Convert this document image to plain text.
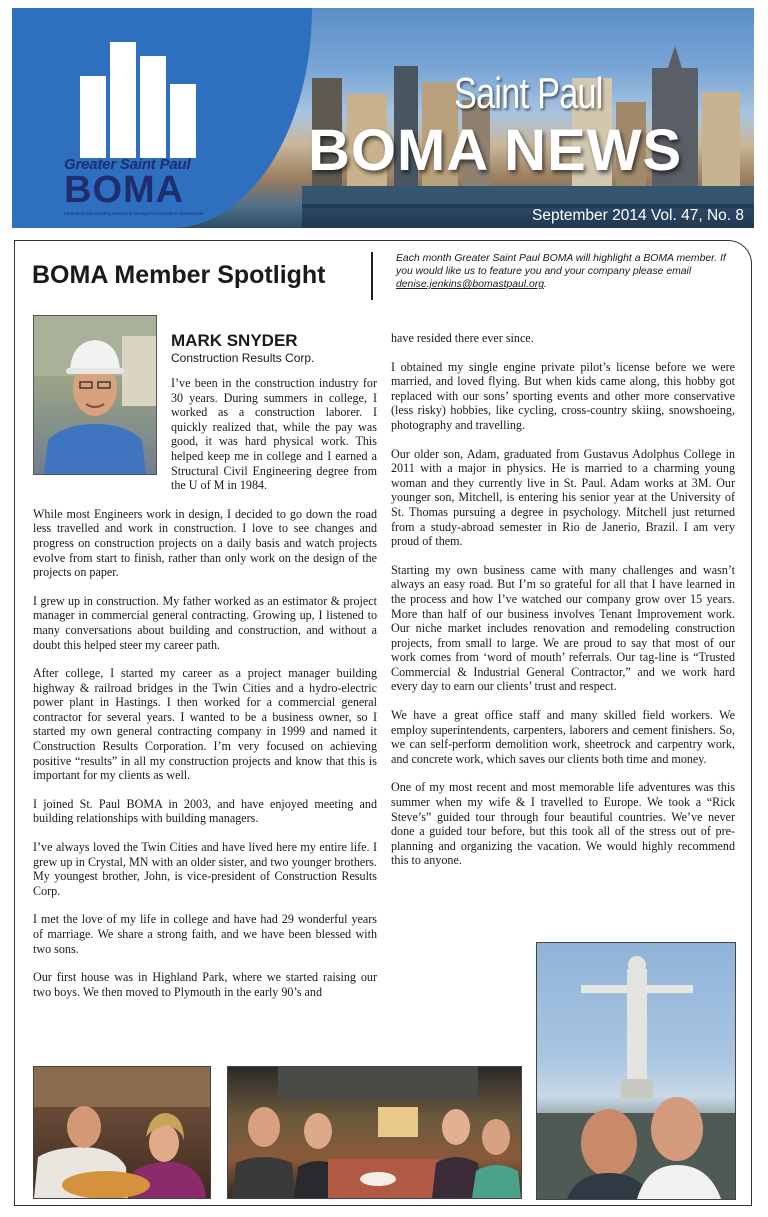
Greater Saint Paul
BOMA
Federated with Building Owners & Managers Association International
Saint Paul
BOMA NEWS
September 2014 Vol. 47, No. 8
BOMA Member Spotlight
Each month Greater Saint Paul BOMA will highlight a BOMA member. If you would like us to feature you and your company please email denise.jenkins@bomastpaul.org.
MARK SNYDER
Construction Results Corp.

I’ve been in the construction industry for 30 years. During summers in college, I worked as a construction laborer. I quickly realized that, while the pay was good, it was hard physical work. This helped keep me in college and I earned a Structural Civil Engineering degree from the U of M in 1984.

While most Engineers work in design, I decided to go down the road less travelled and work in construction. I love to see changes and progress on construction projects on a daily basis and watch projects evolve from start to finish, rather than only work on the design of the projects on paper.

I grew up in construction. My father worked as an estimator & project manager in commercial general contracting. Growing up, I listened to many conversations about building and construction, and without a doubt this helped steer my career path.

After college, I started my career as a project manager building highway & railroad bridges in the Twin Cities and a hydro-electric power plant in Hastings. I then worked for a commercial general contractor for several years. I wanted to be a business owner, so I started my own general contracting company in 1999 and named it Construction Results Corporation. I’m very focused on achieving positive “results” in all my construction projects and know that this is important for my clients as well.

I joined St. Paul BOMA in 2003, and have enjoyed meeting and building relationships with building managers.

I’ve always loved the Twin Cities and have lived here my entire life. I grew up in Crystal, MN with an older sister, and two younger brothers. My youngest brother, John, is vice-president of Construction Results Corp.

I met the love of my life in college and have had 29 wonderful years of marriage. We share a strong faith, and we have been blessed with two sons.

Our first house was in Highland Park, where we started raising our two boys. We then moved to Plymouth in the early 90’s and

have resided there ever since.

I obtained my single engine private pilot’s license before we were married, and loved flying. But when kids came along, this hobby got replaced with our sons’ sporting events and other more conservative (less risky) hobbies, like cycling, cross-country skiing, snowshoeing, photography and travelling.

Our older son, Adam, graduated from Gustavus Adolphus College in 2011 with a major in physics. He is married to a charming young woman and they currently live in St. Paul. Adam works at 3M. Our younger son, Mitchell, is entering his senior year at the University of St. Thomas pursuing a degree in psychology. Mitchell just returned from a study-abroad semester in Rio de Janerio, Brazil. I am very proud of them.

Starting my own business came with many challenges and wasn’t always an easy road. But I’m so grateful for all that I have learned in the process and how I’ve watched our company grow over 15 years. More than half of our business involves Tenant Improvement work. Our niche market includes renovation and remodeling construction projects, from small to large. We are proud to say that most of our work comes from ‘word of mouth’ referrals. Our tag-line is “Trusted Commercial & Industrial General Contractor,” and we work hard every day to earn our clients’ trust and respect.

We have a great office staff and many skilled field workers. We employ superintendents, carpenters, laborers and cement finishers. So, we can self-perform demolition work, sheetrock and carpentry work, and concrete work, which saves our clients both time and money.

One of my most recent and most memorable life adventures was this summer when my wife & I travelled to Europe. We took a “Rick Steve’s” guided tour through four beautiful countries. We’ve never done a guided tour before, but this took all of the stress out of pre-planning and organizing the vacation. We would highly recommend this to anyone.
